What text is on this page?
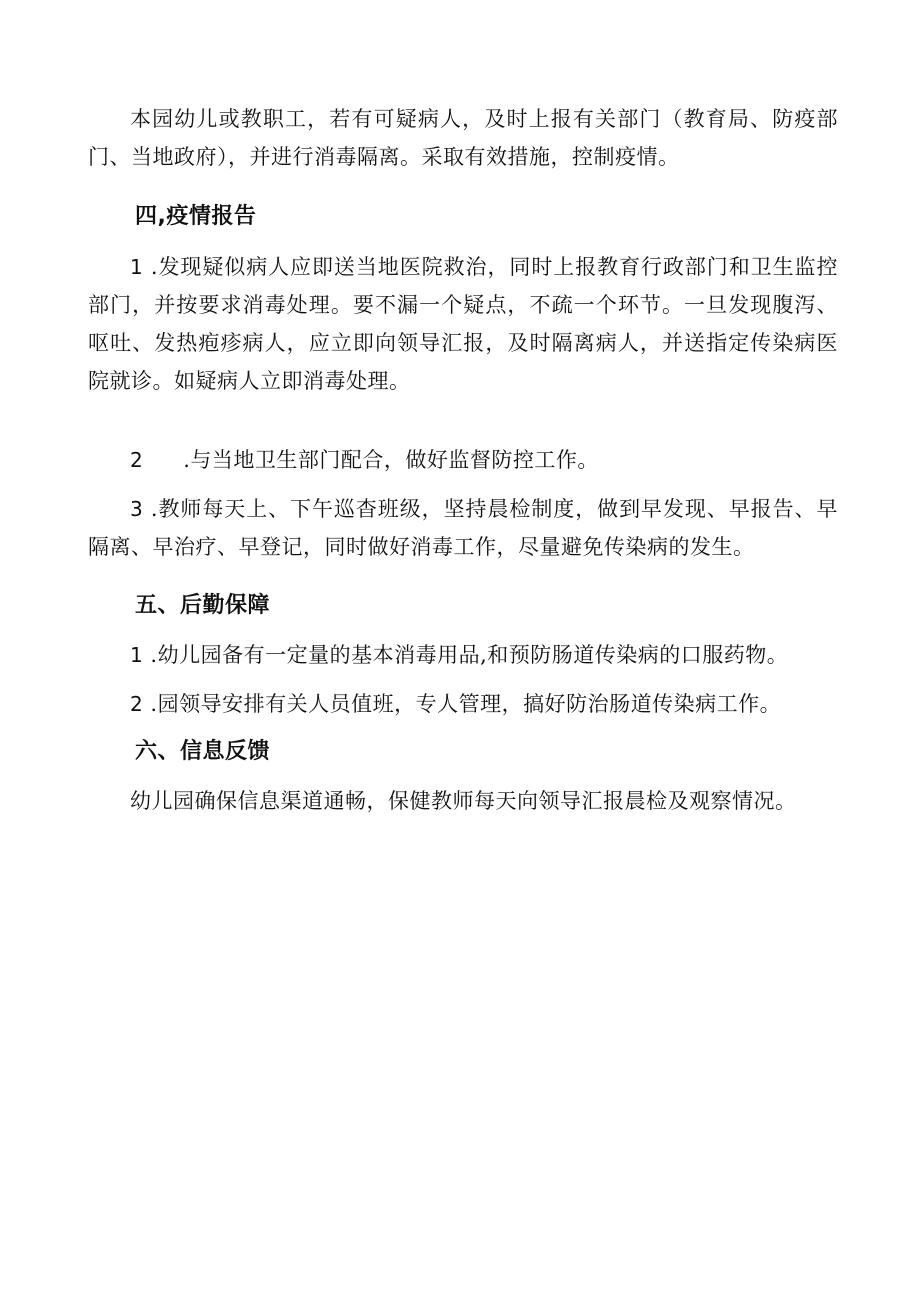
本园幼儿或教职工，若有可疑病人，及时上报有关部门（教育局、防疫部门、当地政府），并进行消毒隔离。采取有效措施，控制疫情。

四,疫情报告

1 .发现疑似病人应即送当地医院救治，同时上报教育行政部门和卫生监控部门，并按要求消毒处理。要不漏一个疑点，不疏一个环节。一旦发现腹泻、呕吐、发热疱疹病人，应立即向领导汇报，及时隔离病人，并送指定传染病医院就诊。如疑病人立即消毒处理。

2 .与当地卫生部门配合，做好监督防控工作。

3 .教师每天上、下午巡杳班级，坚持晨检制度，做到早发现、早报告、早隔离、早治疗、早登记，同时做好消毒工作，尽量避免传染病的发生。

五、后勤保障

1 .幼儿园备有一定量的基本消毒用品,和预防肠道传染病的口服药物。

2 .园领导安排有关人员值班，专人管理，搞好防治肠道传染病工作。

六、信息反馈

幼儿园确保信息渠道通畅，保健教师每天向领导汇报晨检及观察情况。
